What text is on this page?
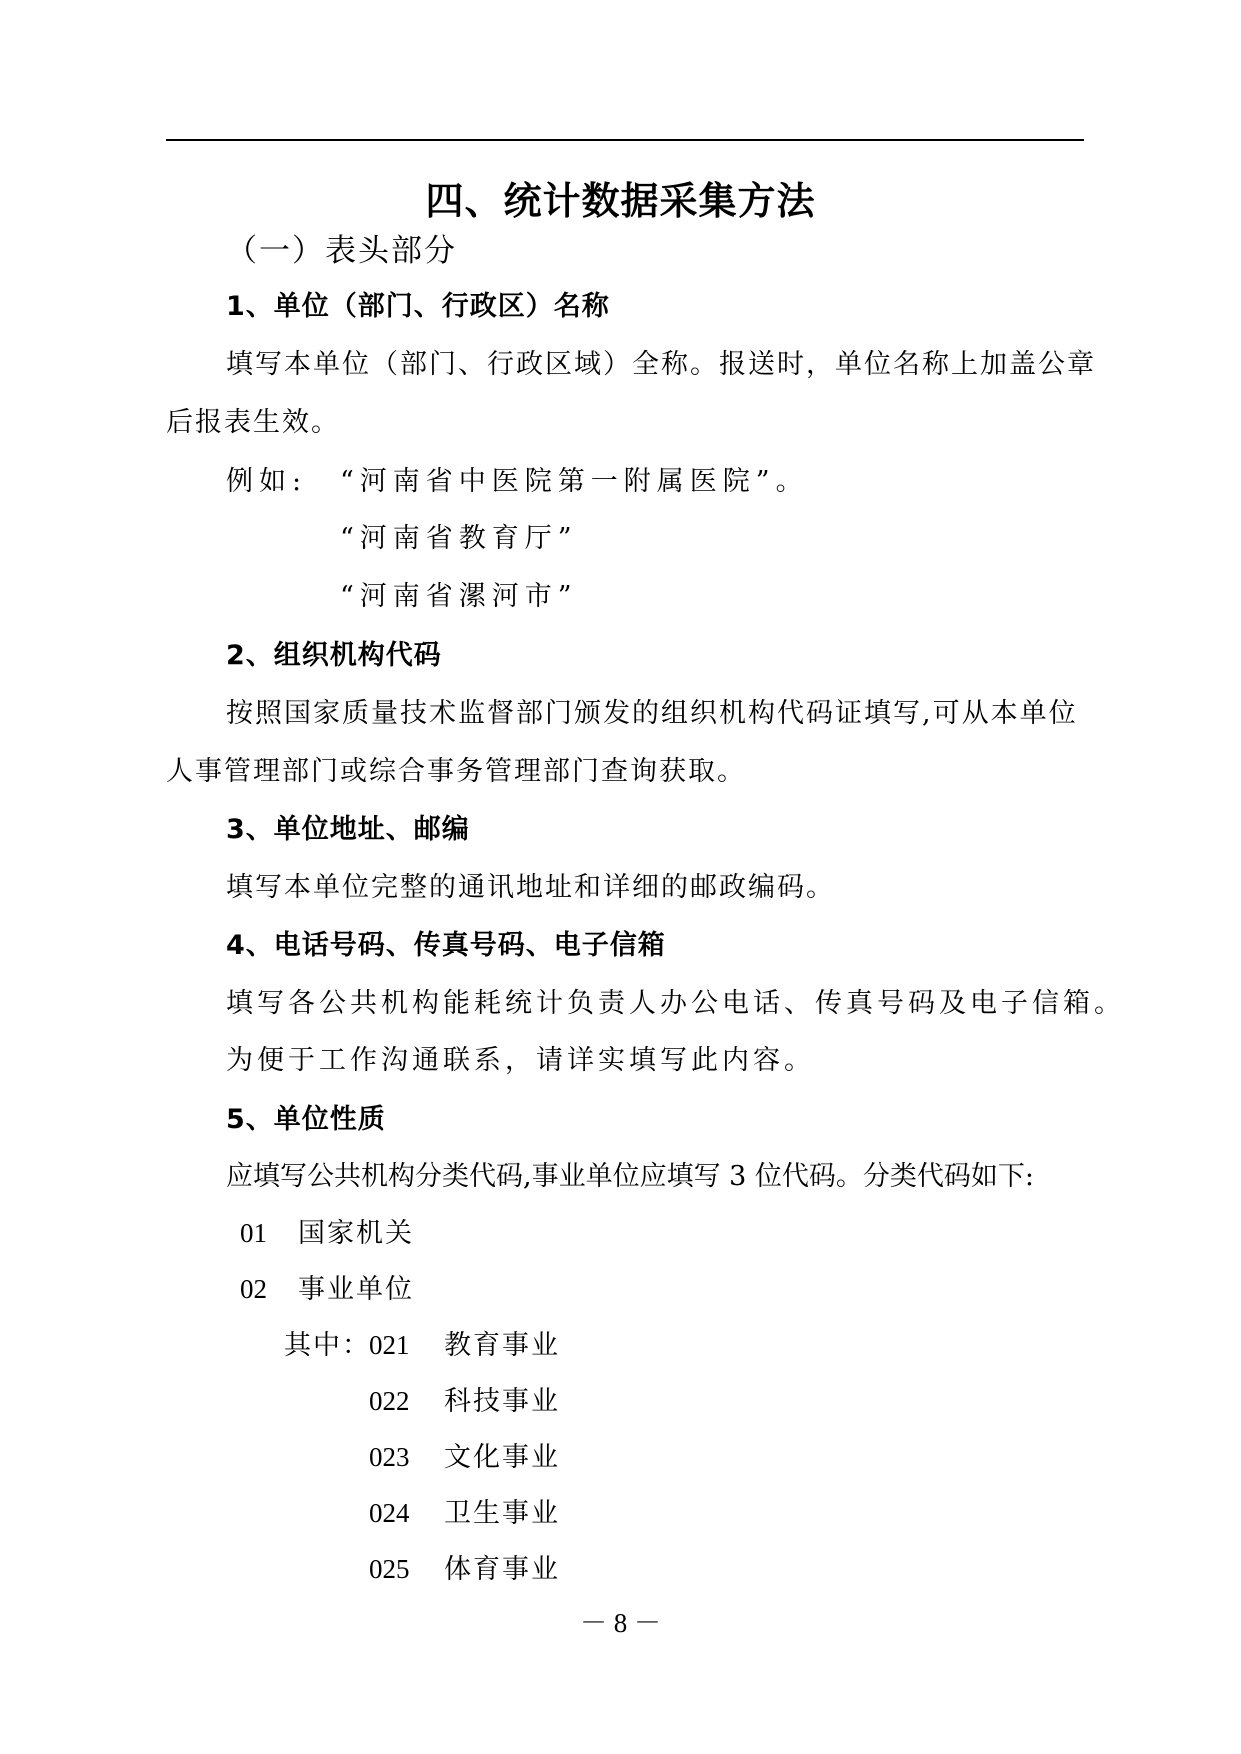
四、统计数据采集方法
（一）表头部分
1、单位（部门、行政区）名称
填写本单位（部门、行政区域）全称。报送时，单位名称上加盖公章
后报表生效。
例如: “河南省中医院第一附属医院”。
“河南省教育厅”
“河南省漯河市”
2、组织机构代码
按照国家质量技术监督部门颁发的组织机构代码证填写,可从本单位
人事管理部门或综合事务管理部门查询获取。
3、单位地址、邮编
填写本单位完整的通讯地址和详细的邮政编码。
4、电话号码、传真号码、电子信箱
填写各公共机构能耗统计负责人办公电话、传真号码及电子信箱。
为便于工作沟通联系，请详实填写此内容。
5、单位性质
应填写公共机构分类代码,事业单位应填写 3 位代码。分类代码如下:
01 国家机关
02 事业单位
其中：
021 教育事业
022 科技事业
023 文化事业
024 卫生事业
025 体育事业
－ 8 －
